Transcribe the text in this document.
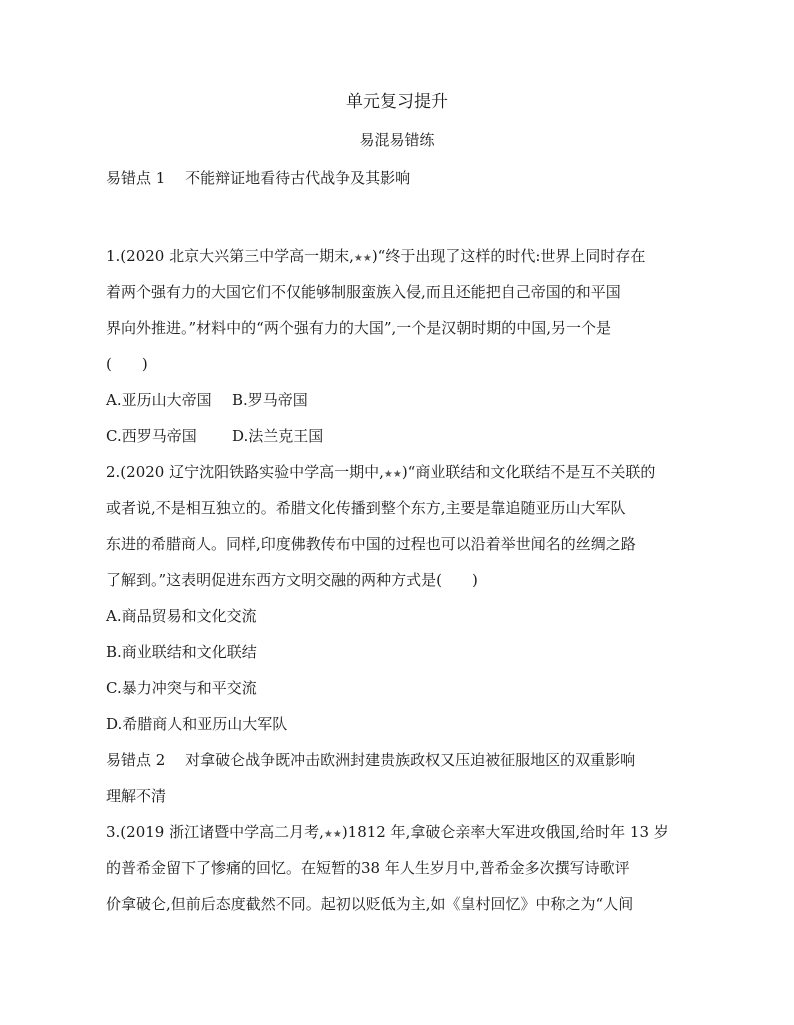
单元复习提升
易混易错练
易错点 1　 不能辩证地看待古代战争及其影响
1.(2020 北京大兴第三中学高一期末,★★)“终于出现了这样的时代:世界上同时存在
着两个强有力的大国它们不仅能够制服蛮族入侵,而且还能把自己帝国的和平国
界向外推进。”材料中的“两个强有力的大国”,一个是汉朝时期的中国,另一个是
(　　)
A.亚历山大帝国 B.罗马帝国
C.西罗马帝国 D.法兰克王国
2.(2020 辽宁沈阳铁路实验中学高一期中,★★)“商业联结和文化联结不是互不关联的
或者说,不是相互独立的。希腊文化传播到整个东方,主要是靠追随亚历山大军队
东进的希腊商人。同样,印度佛教传布中国的过程也可以沿着举世闻名的丝绸之路
了解到。”这表明促进东西方文明交融的两种方式是(　　)
A.商品贸易和文化交流
B.商业联结和文化联结
C.暴力冲突与和平交流
D.希腊商人和亚历山大军队
易错点 2　 对拿破仑战争既冲击欧洲封建贵族政权又压迫被征服地区的双重影响
理解不清
3.(2019 浙江诸暨中学高二月考,★★)1812 年,拿破仑亲率大军进攻俄国,给时年 13 岁
的普希金留下了惨痛的回忆。在短暂的38 年人生岁月中,普希金多次撰写诗歌评
价拿破仑,但前后态度截然不同。起初以贬低为主,如《皇村回忆》中称之为“人间
